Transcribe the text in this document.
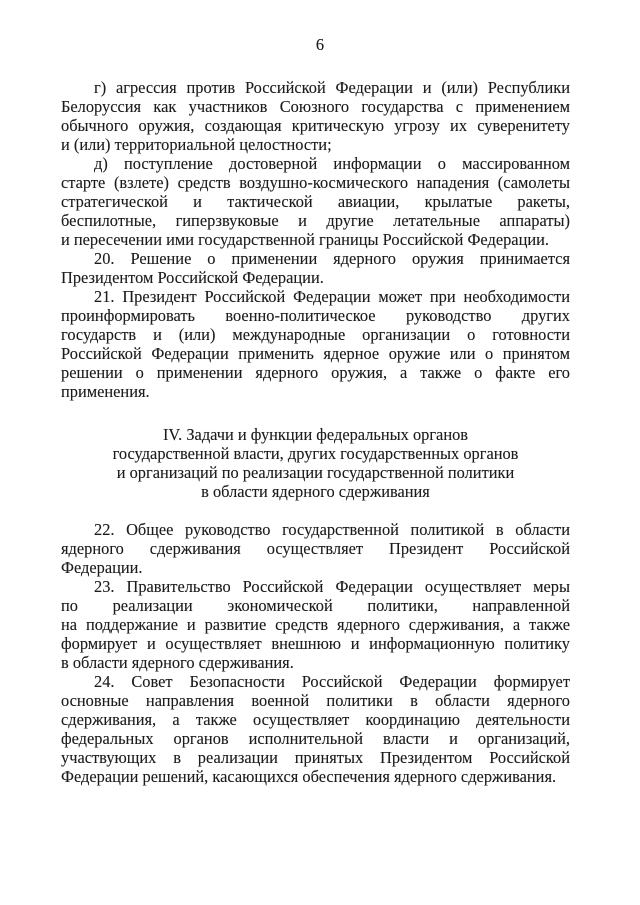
6
г) агрессия против Российской Федерации и (или) Республики
Белоруссия как участников Союзного государства с применением
обычного оружия, создающая критическую угрозу их суверенитету
и (или) территориальной целостности;
д) поступление достоверной информации о массированном
старте (взлете) средств воздушно-космического нападения (самолеты
стратегической и тактической авиации, крылатые ракеты,
беспилотные, гиперзвуковые и другие летательные аппараты)
и пересечении ими государственной границы Российской Федерации.
20. Решение о применении ядерного оружия принимается
Президентом Российской Федерации.
21. Президент Российской Федерации может при необходимости
проинформировать военно-политическое руководство других
государств и (или) международные организации о готовности
Российской Федерации применить ядерное оружие или о принятом
решении о применении ядерного оружия, а также о факте его
применения.
IV. Задачи и функции федеральных органов
государственной власти, других государственных органов
и организаций по реализации государственной политики
в области ядерного сдерживания
22. Общее руководство государственной политикой в области
ядерного сдерживания осуществляет Президент Российской
Федерации.
23. Правительство Российской Федерации осуществляет меры
по реализации экономической политики, направленной
на поддержание и развитие средств ядерного сдерживания, а также
формирует и осуществляет внешнюю и информационную политику
в области ядерного сдерживания.
24. Совет Безопасности Российской Федерации формирует
основные направления военной политики в области ядерного
сдерживания, а также осуществляет координацию деятельности
федеральных органов исполнительной власти и организаций,
участвующих в реализации принятых Президентом Российской
Федерации решений, касающихся обеспечения ядерного сдерживания.
